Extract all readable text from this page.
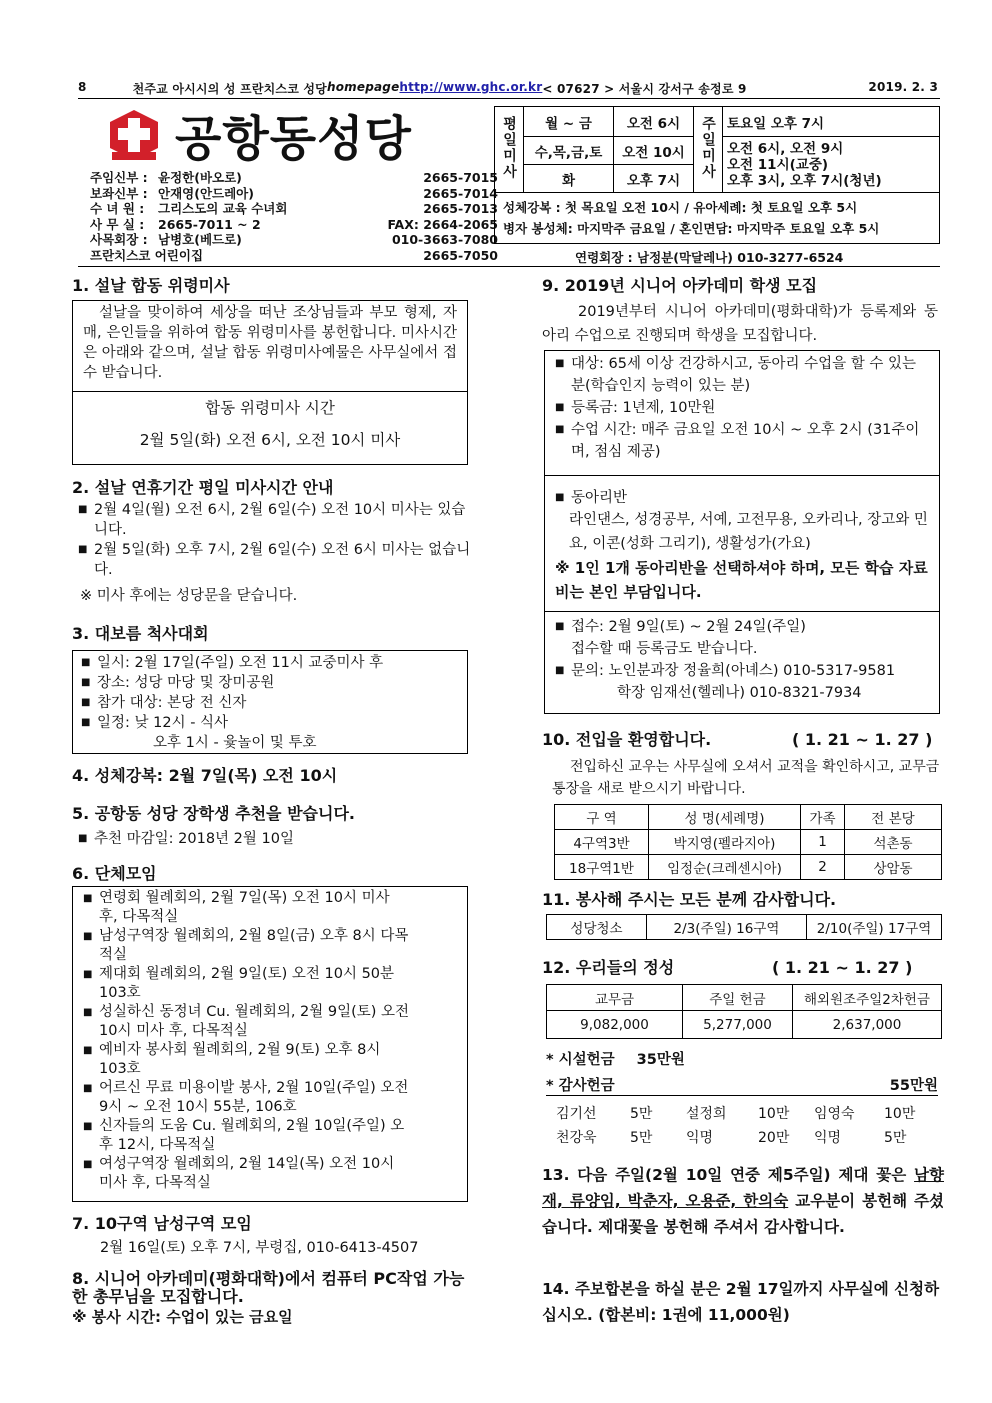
8	천주교 아시시의 성 프란치스코 성당 homepage http://www.ghc.or.kr < 07627 > 서울시 강서구 송정로 9	2019. 2. 3
공항동성당
주임신부 : 윤정한(바오로)	2665-7015
보좌신부 : 안재영(안드레아)	2665-7014
수 녀 원 :	그리스도의 교육 수녀회	2665-7013
사 무 실 :	2665-7011 ~ 2	FAX: 2664-2065
사목회장 : 남병호(베드로)	010-3663-7080
프란치스코 어린이집	2665-7050
평일미사	월 ~ 금	오전 6시	주일미사	토요일 오후 7시
	수,목,금,토	오전 10시		오전 6시, 오전 9시
오전 11시(교중)
오후 3시, 오후 7시(청년)

	화	오후 7시		
성체강복 : 첫 목요일 오전 10시 / 유아세례: 첫 토요일 오후 5시
병자 봉성체: 마지막주 금요일 / 혼인면담: 마지막주 토요일 오후 5시
연령회장 : 남정분(막달레나) 010-3277-6524
1. 설날 합동 위령미사
설날을 맞이하여 세상을 떠난 조상님들과 부모 형제, 자매, 은인들을 위하여 합동 위령미사를 봉헌합니다. 미사시간은 아래와 같으며, 설날 합동 위령미사예물은 사무실에서 접수 받습니다.
합동 위령미사 시간
2월 5일(화) 오전 6시, 오전 10시 미사
2. 설날 연휴기간 평일 미사시간 안내
■ 2월 4일(월) 오전 6시, 2월 6일(수) 오전 10시 미사는 있습니다.
■ 2월 5일(화) 오후 7시, 2월 6일(수) 오전 6시 미사는 없습니다.
※ 미사 후에는 성당문을 닫습니다.
3. 대보름 척사대회
■ 일시: 2월 17일(주일) 오전 11시 교중미사 후
■ 장소: 성당 마당 및 장미공원
■ 참가 대상: 본당 전 신자
■ 일정: 낮 12시 - 식사
오후 1시 - 윷놀이 및 투호
4. 성체강복: 2월 7일(목) 오전 10시
5. 공항동 성당 장학생 추천을 받습니다.
■ 추천 마감일: 2018년 2월 10일
6. 단체모임
■ 연령회 월례회의, 2월 7일(목) 오전 10시 미사 후, 다목적실
■ 남성구역장 월례회의, 2월 8일(금) 오후 8시 다목적실
■ 제대회 월례회의, 2월 9일(토) 오전 10시 50분 103호
■ 성실하신 동정녀 Cu. 월례회의, 2월 9일(토) 오전 10시 미사 후, 다목적실
■ 예비자 봉사회 월례회의, 2월 9(토) 오후 8시 103호
■ 어르신 무료 미용이발 봉사, 2월 10일(주일) 오전 9시 ~ 오전 10시 55분, 106호
■ 신자들의 도움 Cu. 월례회의, 2월 10일(주일) 오후 12시, 다목적실
■ 여성구역장 월례회의, 2월 14일(목) 오전 10시 미사 후, 다목적실
7. 10구역 남성구역 모임
2월 16일(토) 오후 7시, 부령집, 010-6413-4507
8. 시니어 아카데미(평화대학)에서 컴퓨터 PC작업 가능한 총무님을 모집합니다.
※ 봉사 시간: 수업이 있는 금요일
9. 2019년 시니어 아카데미 학생 모집
2019년부터 시니어 아카데미(평화대학)가 등록제와 동아리 수업으로 진행되며 학생을 모집합니다.
■ 대상: 65세 이상 건강하시고, 동아리 수업을 할 수 있는 분(학습인지 능력이 있는 분)
■ 등록금: 1년제, 10만원
■ 수업 시간: 매주 금요일 오전 10시 ~ 오후 2시 (31주이며, 점심 제공)
■ 동아리반
라인댄스, 성경공부, 서예, 고전무용, 오카리나, 장고와 민요, 이콘(성화 그리기), 생활성가(가요)
※ 1인 1개 동아리반을 선택하셔야 하며, 모든 학습 자료비는 본인 부담입니다.
■ 접수: 2월 9일(토) ~ 2월 24일(주일)
접수할 때 등록금도 받습니다.
■ 문의: 노인분과장 정율희(아녜스) 010-5317-9581
학장 임재선(헬레나) 010-8321-7934
10. 전입을 환영합니다.	( 1. 21 ~ 1. 27 )
전입하신 교우는 사무실에 오셔서 교적을 확인하시고, 교무금 통장을 새로 받으시기 바랍니다.
구 역	성 명(세례명)	가족	전 본당
4구역3반	박지영(펠라지아)	1	석촌동
18구역1반	임정순(크레센시아)	2	상암동
11. 봉사해 주시는 모든 분께 감사합니다.
성당청소	2/3(주일) 16구역	2/10(주일) 17구역
12. 우리들의 정성	( 1. 21 ~ 1. 27 )
교무금	주일 헌금	해외원조주일2차헌금
9,082,000	5,277,000	2,637,000
* 시설헌금 35만원
* 감사헌금	55만원
김기선	5만	설정희	10만	임영숙	10만
천강욱	5만	익명	20만	익명	5만
13. 다음 주일(2월 10일 연중 제5주일) 제대 꽃은 남향재, 류양임, 박춘자, 오용준, 한의숙 교우분이 봉헌해 주셨습니다. 제대꽃을 봉헌해 주셔서 감사합니다.
14. 주보합본을 하실 분은 2월 17일까지 사무실에 신청하십시오. (합본비: 1권에 11,000원)
